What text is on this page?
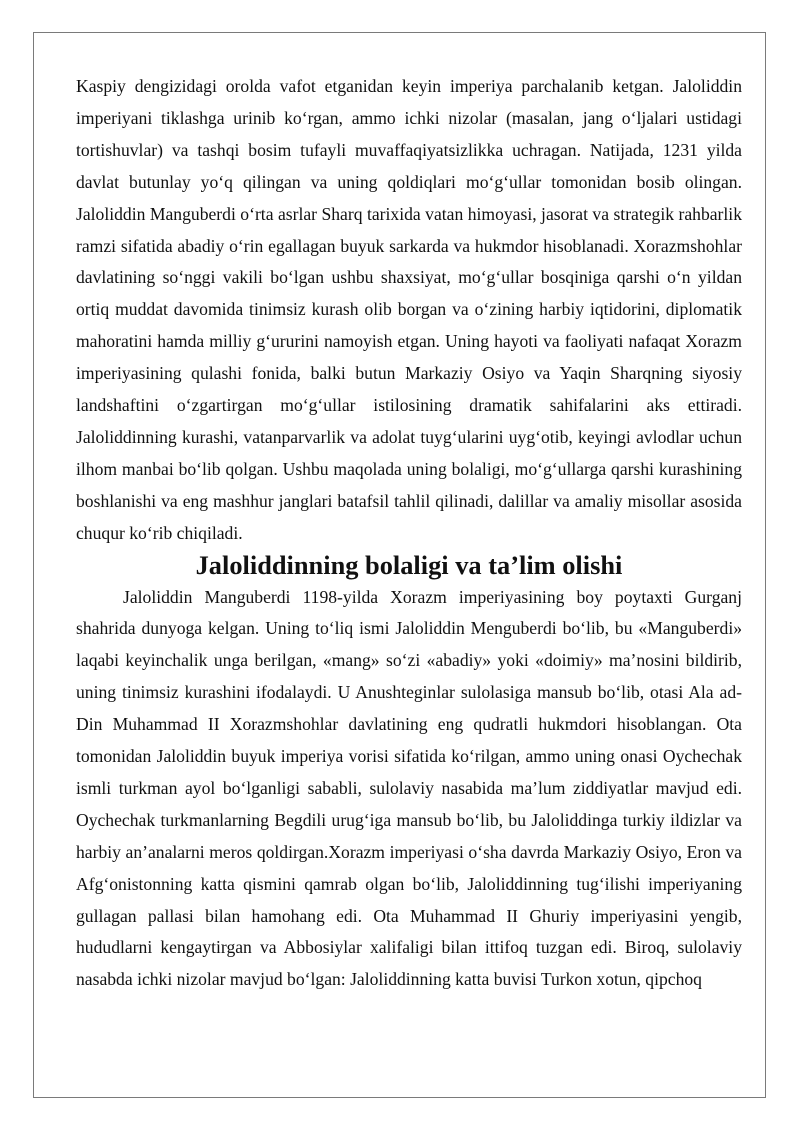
Kaspiy dengizidagi orolda vafot etganidan keyin imperiya parchalanib ketgan. Jaloliddin imperiyani tiklashga urinib ko‘rgan, ammo ichki nizolar (masalan, jang o‘ljalari ustidagi tortishuvlar) va tashqi bosim tufayli muvaffaqiyatsizlikka uchragan. Natijada, 1231 yilda davlat butunlay yo‘q qilingan va uning qoldiqlari mo‘g‘ullar tomonidan bosib olingan. Jaloliddin Manguberdi o‘rta asrlar Sharq tarixida vatan himoyasi, jasorat va strategik rahbarlik ramzi sifatida abadiy o‘rin egallagan buyuk sarkarda va hukmdor hisoblanadi. Xorazmshohlar davlatining so‘nggi vakili bo‘lgan ushbu shaxsiyat, mo‘g‘ullar bosqiniga qarshi o‘n yildan ortiq muddat davomida tinimsiz kurash olib borgan va o‘zining harbiy iqtidorini, diplomatik mahoratini hamda milliy g‘ururini namoyish etgan. Uning hayoti va faoliyati nafaqat Xorazm imperiyasining qulashi fonida, balki butun Markaziy Osiyo va Yaqin Sharqning siyosiy landshaftini o‘zgartirgan mo‘g‘ullar istilosining dramatik sahifalarini aks ettiradi. Jaloliddinning kurashi, vatanparvarlik va adolat tuyg‘ularini uyg‘otib, keyingi avlodlar uchun ilhom manbai bo‘lib qolgan. Ushbu maqolada uning bolaligi, mo‘g‘ullarga qarshi kurashining boshlanishi va eng mashhur janglari batafsil tahlil qilinadi, dalillar va amaliy misollar asosida chuqur ko‘rib chiqiladi.

Jaloliddinning bolaligi va ta’lim olishi

Jaloliddin Manguberdi 1198-yilda Xorazm imperiyasining boy poytaxti Gurganj shahrida dunyoga kelgan. Uning to‘liq ismi Jaloliddin Menguberdi bo‘lib, bu «Manguberdi» laqabi keyinchalik unga berilgan, «mang» so‘zi «abadiy» yoki «doimiy» ma’nosini bildirib, uning tinimsiz kurashini ifodalaydi. U Anushteginlar sulolasiga mansub bo‘lib, otasi Ala ad-Din Muhammad II Xorazmshohlar davlatining eng qudratli hukmdori hisoblangan. Ota tomonidan Jaloliddin buyuk imperiya vorisi sifatida ko‘rilgan, ammo uning onasi Oychechak ismli turkman ayol bo‘lganligi sababli, sulolaviy nasabida ma’lum ziddiyatlar mavjud edi. Oychechak turkmanlarning Begdili urug‘iga mansub bo‘lib, bu Jaloliddinga turkiy ildizlar va harbiy an’analarni meros qoldirgan.Xorazm imperiyasi o‘sha davrda Markaziy Osiyo, Eron va Afg‘onistonning katta qismini qamrab olgan bo‘lib, Jaloliddinning tug‘ilishi imperiyaning gullagan pallasi bilan hamohang edi. Ota Muhammad II Ghuriy imperiyasini yengib, hududlarni kengaytirgan va Abbosiylar xalifaligi bilan ittifoq tuzgan edi. Biroq, sulolaviy nasabda ichki nizolar mavjud bo‘lgan: Jaloliddinning katta buvisi Turkon xotun, qipchoq
